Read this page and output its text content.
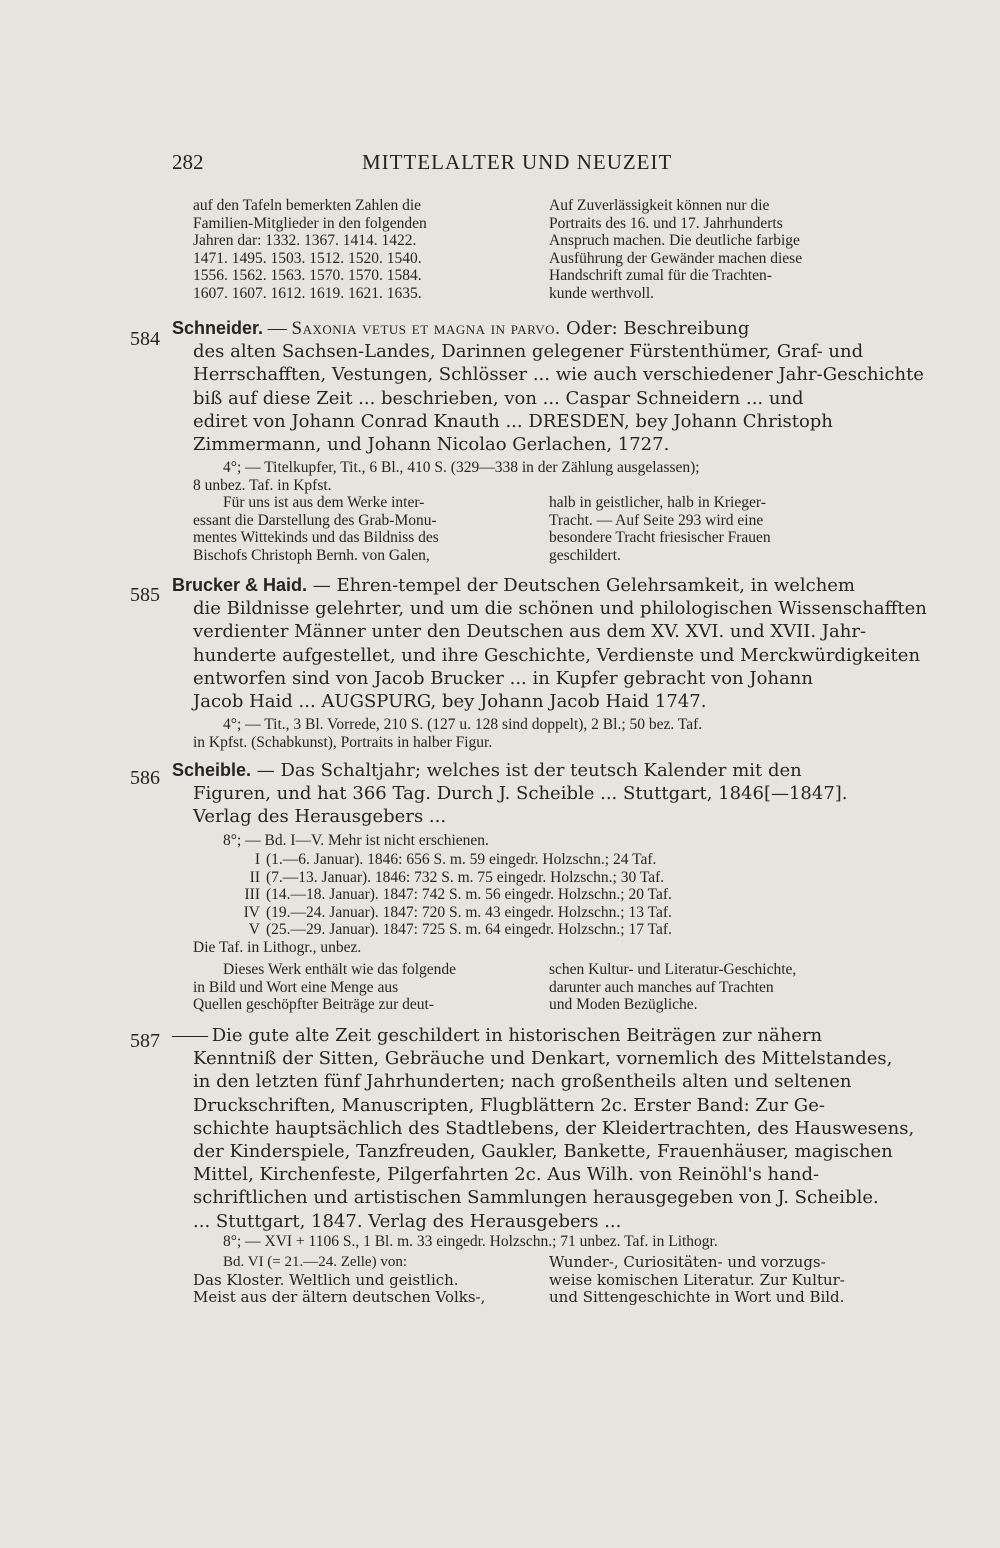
282	MITTELALTER UND NEUZEIT
auf den Tafeln bemerkten Zahlen die
Familien-Mitglieder in den folgenden
Jahren dar: 1332. 1367. 1414. 1422.
1471. 1495. 1503. 1512. 1520. 1540.
1556. 1562. 1563. 1570. 1570. 1584.
1607. 1607. 1612. 1619. 1621. 1635.
Auf Zuverlässigkeit können nur die
Portraits des 16. und 17. Jahrhunderts
Anspruch machen. Die deutliche farbige
Ausführung der Gewänder machen diese
Handschrift zumal für die Trachten-
kunde werthvoll.
584 Schneider. — Saxonia vetus et magna in parvo. Oder: Beschreibung
des alten Sachsen-Landes, Darinnen gelegener Fürstenthümer, Graf- und
Herrschafften, Vestungen, Schlösser ... wie auch verschiedener Jahr-Geschichte
biß auf diese Zeit ... beschrieben, von ... Caspar Schneidern ... und
ediret von Johann Conrad Knauth ... DRESDEN, bey Johann Christoph
Zimmermann, und Johann Nicolao Gerlachen, 1727.
4°; — Titelkupfer, Tit., 6 Bl., 410 S. (329—338 in der Zählung ausgelassen);
8 unbez. Taf. in Kpfst.
Für uns ist aus dem Werke inter-
essant die Darstellung des Grab-Monu-
mentes Wittekinds und das Bildniss des
Bischofs Christoph Bernh. von Galen,
halb in geistlicher, halb in Krieger-
Tracht. — Auf Seite 293 wird eine
besondere Tracht friesischer Frauen
geschildert.
585 Brucker & Haid. — Ehren-tempel der Deutschen Gelehrsamkeit, in welchem
die Bildnisse gelehrter, und um die schönen und philologischen Wissenschafften
verdienter Männer unter den Deutschen aus dem XV. XVI. und XVII. Jahr-
hunderte aufgestellet, und ihre Geschichte, Verdienste und Merckwürdigkeiten
entworfen sind von Jacob Brucker ... in Kupfer gebracht von Johann
Jacob Haid ... AUGSPURG, bey Johann Jacob Haid 1747.
4°; — Tit., 3 Bl. Vorrede, 210 S. (127 u. 128 sind doppelt), 2 Bl.; 50 bez. Taf.
in Kpfst. (Schabkunst), Portraits in halber Figur.
586 Scheible. — Das Schaltjahr; welches ist der teutsch Kalender mit den
Figuren, und hat 366 Tag. Durch J. Scheible ... Stuttgart, 1846[—1847].
Verlag des Herausgebers ...
8°; — Bd. I—V. Mehr ist nicht erschienen.
I (1.—6. Januar). 1846: 656 S. m. 59 eingedr. Holzschn.; 24 Taf.
II (7.—13. Januar). 1846: 732 S. m. 75 eingedr. Holzschn.; 30 Taf.
III (14.—18. Januar). 1847: 742 S. m. 56 eingedr. Holzschn.; 20 Taf.
IV (19.—24. Januar). 1847: 720 S. m. 43 eingedr. Holzschn.; 13 Taf.
V (25.—29. Januar). 1847: 725 S. m. 64 eingedr. Holzschn.; 17 Taf.
Die Taf. in Lithogr., unbez.
Dieses Werk enthält wie das folgende
in Bild und Wort eine Menge aus
Quellen geschöpfter Beiträge zur deut-
schen Kultur- und Literatur-Geschichte,
darunter auch manches auf Trachten
und Moden Bezügliche.
587 —— Die gute alte Zeit geschildert in historischen Beiträgen zur nähern
Kenntniß der Sitten, Gebräuche und Denkart, vornemlich des Mittelstandes,
in den letzten fünf Jahrhunderten; nach großentheils alten und seltenen
Druckschriften, Manuscripten, Flugblättern 2c. Erster Band: Zur Ge-
schichte hauptsächlich des Stadtlebens, der Kleidertrachten, des Hauswesens,
der Kinderspiele, Tanzfreuden, Gaukler, Bankette, Frauenhäuser, magischen
Mittel, Kirchenfeste, Pilgerfahrten 2c. Aus Wilh. von Reinöhl's hand-
schriftlichen und artistischen Sammlungen herausgegeben von J. Scheible.
... Stuttgart, 1847. Verlag des Herausgebers ...
8°; — XVI + 1106 S., 1 Bl. m. 33 eingedr. Holzschn.; 71 unbez. Taf. in Lithogr.
Bd. VI (= 21.—24. Zelle) von:
Das Kloster. Weltlich und geistlich.
Meist aus der ältern deutschen Volks-,
Wunder-, Curiositäten- und vorzugs-
weise komischen Literatur. Zur Kultur-
und Sittengeschichte in Wort und Bild.
